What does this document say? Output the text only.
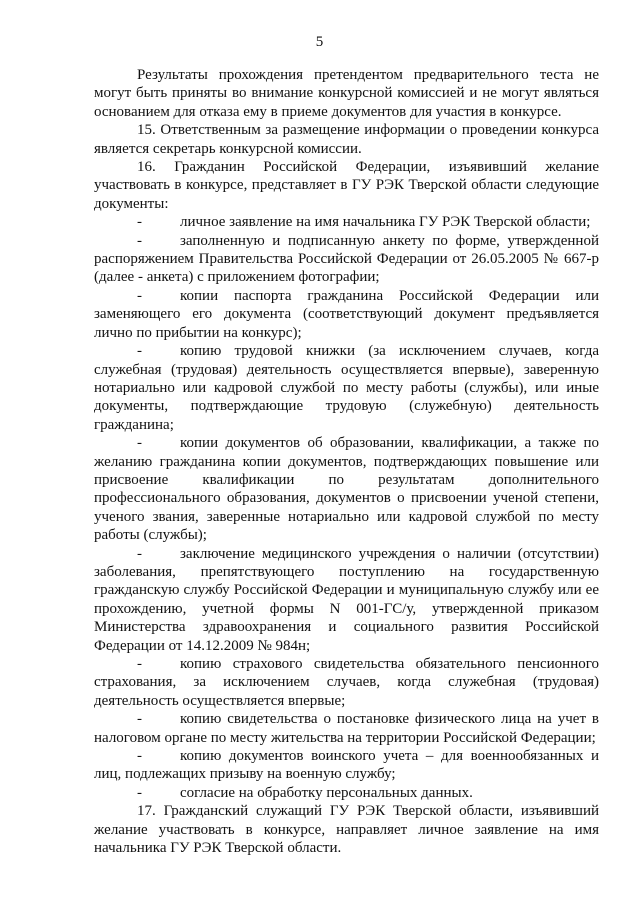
5

Результаты прохождения претендентом предварительного теста не могут быть приняты во внимание конкурсной комиссией и не могут являться основанием для отказа ему в приеме документов для участия в конкурсе.

15. Ответственным за размещение информации о проведении конкурса является секретарь конкурсной комиссии.

16. Гражданин Российской Федерации, изъявивший желание участвовать в конкурсе, представляет в ГУ РЭК Тверской области следующие документы:

-	личное заявление на имя начальника ГУ РЭК Тверской области;

-	заполненную и подписанную анкету по форме, утвержденной распоряжением Правительства Российской Федерации от 26.05.2005 № 667-р (далее - анкета) с приложением фотографии;

-	копии паспорта гражданина Российской Федерации или заменяющего его документа (соответствующий документ предъявляется лично по прибытии на конкурс);

-	копию трудовой книжки (за исключением случаев, когда служебная (трудовая) деятельность осуществляется впервые), заверенную нотариально или кадровой службой по месту работы (службы), или иные документы, подтверждающие трудовую (служебную) деятельность гражданина;

-	копии документов об образовании, квалификации, а также по желанию гражданина копии документов, подтверждающих повышение или присвоение квалификации по результатам дополнительного профессионального образования, документов о присвоении ученой степени, ученого звания, заверенные нотариально или кадровой службой по месту работы (службы);

-	заключение медицинского учреждения о наличии (отсутствии) заболевания, препятствующего поступлению на государственную гражданскую службу Российской Федерации и муниципальную службу или ее прохождению, учетной формы N 001-ГС/у, утвержденной приказом Министерства здравоохранения и социального развития Российской Федерации от 14.12.2009 № 984н;

-	копию страхового свидетельства обязательного пенсионного страхования, за исключением случаев, когда служебная (трудовая) деятельность осуществляется впервые;

-	копию свидетельства о постановке физического лица на учет в налоговом органе по месту жительства на территории Российской Федерации;

-	копию документов воинского учета – для военнообязанных и лиц, подлежащих призыву на военную службу;

-	согласие на обработку персональных данных.

17. Гражданский служащий ГУ РЭК Тверской области, изъявивший желание участвовать в конкурсе, направляет личное заявление на имя начальника ГУ РЭК Тверской области.
